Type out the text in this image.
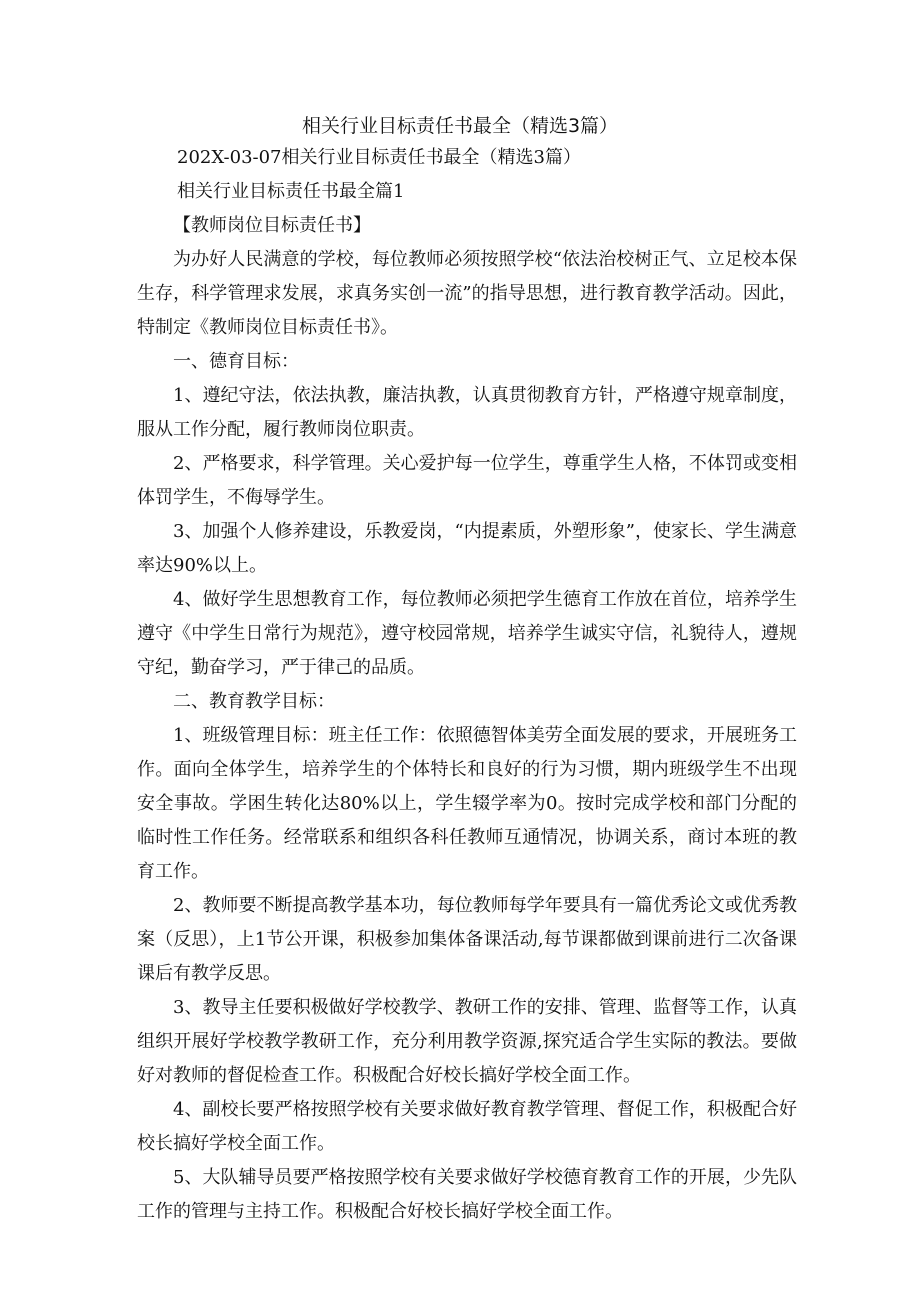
相关行业目标责任书最全（精选3篇）

202X-03-07相关行业目标责任书最全（精选3篇）

相关行业目标责任书最全篇1

【教师岗位目标责任书】

为办好人民满意的学校，每位教师必须按照学校“依法治校树正气、立足校本保生存，科学管理求发展，求真务实创一流”的指导思想，进行教育教学活动。因此，特制定《教师岗位目标责任书》。

一、德育目标：

1、遵纪守法，依法执教，廉洁执教，认真贯彻教育方针，严格遵守规章制度，服从工作分配，履行教师岗位职责。

2、严格要求，科学管理。关心爱护每一位学生，尊重学生人格，不体罚或变相体罚学生，不侮辱学生。

3、加强个人修养建设，乐教爱岗，“内提素质，外塑形象”，使家长、学生满意率达90%以上。

4、做好学生思想教育工作，每位教师必须把学生德育工作放在首位，培养学生遵守《中学生日常行为规范》，遵守校园常规，培养学生诚实守信，礼貌待人，遵规守纪，勤奋学习，严于律己的品质。

二、教育教学目标：

1、班级管理目标：班主任工作：依照德智体美劳全面发展的要求，开展班务工作。面向全体学生，培养学生的个体特长和良好的行为习惯，期内班级学生不出现安全事故。学困生转化达80%以上，学生辍学率为0。按时完成学校和部门分配的临时性工作任务。经常联系和组织各科任教师互通情况，协调关系，商讨本班的教育工作。

2、教师要不断提高教学基本功，每位教师每学年要具有一篇优秀论文或优秀教案（反思），上1节公开课，积极参加集体备课活动,每节课都做到课前进行二次备课课后有教学反思。

3、教导主任要积极做好学校教学、教研工作的安排、管理、监督等工作，认真组织开展好学校教学教研工作，充分利用教学资源,探究适合学生实际的教法。要做好对教师的督促检查工作。积极配合好校长搞好学校全面工作。

4、副校长要严格按照学校有关要求做好教育教学管理、督促工作，积极配合好校长搞好学校全面工作。

5、大队辅导员要严格按照学校有关要求做好学校德育教育工作的开展，少先队工作的管理与主持工作。积极配合好校长搞好学校全面工作。
